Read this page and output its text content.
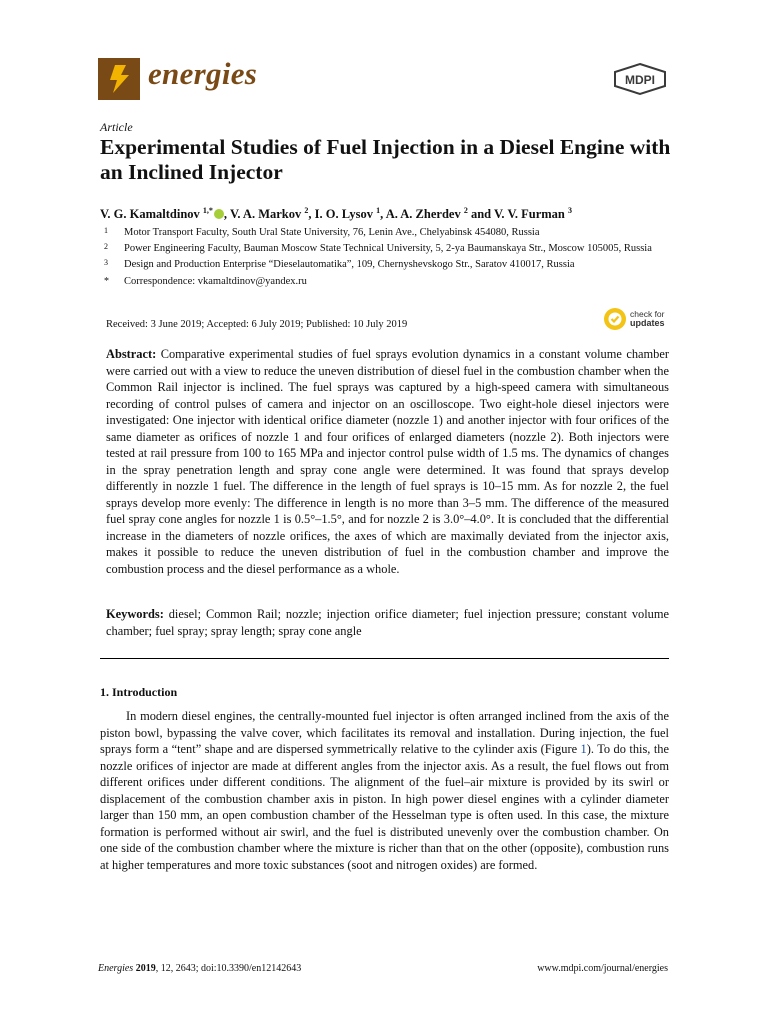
energies	MDPI
Article
Experimental Studies of Fuel Injection in a Diesel Engine with an Inclined Injector
V. G. Kamaltdinov $^{1,*}$ , V. A. Markov $^2$, I. O. Lysov $^1$, A. A. Zherdev $^2$ and V. V. Furman $^3$
1	Motor Transport Faculty, South Ural State University, 76, Lenin Ave., Chelyabinsk 454080, Russia
2	Power Engineering Faculty, Bauman Moscow State Technical University, 5, 2-ya Baumanskaya Str., Moscow 105005, Russia
3	Design and Production Enterprise “Dieselautomatika”, 109, Chernyshevskogo Str., Saratov 410017, Russia
*	Correspondence: vkamaltdinov@yandex.ru
Received: 3 June 2019; Accepted: 6 July 2019; Published: 10 July 2019
check for
updates

Abstract: Comparative experimental studies of fuel sprays evolution dynamics in a constant volume chamber were carried out with a view to reduce the uneven distribution of diesel fuel in the combustion chamber when the Common Rail injector is inclined. The fuel sprays was captured by a high-speed camera with simultaneous recording of control pulses of camera and injector on an oscilloscope. Two eight-hole diesel injectors were investigated: One injector with identical orifice diameter (nozzle 1) and another injector with four orifices of the same diameter as orifices of nozzle 1 and four orifices of enlarged diameters (nozzle 2). Both injectors were tested at rail pressure from 100 to 165 MPa and injector control pulse width of 1.5 ms. The dynamics of changes in the spray penetration length and spray cone angle were determined. It was found that sprays develop differently in nozzle 1 fuel. The difference in the length of fuel sprays is 10–15 mm. As for nozzle 2, the fuel sprays develop more evenly: The difference in length is no more than 3–5 mm. The difference of the measured fuel spray cone angles for nozzle 1 is 0.5°–1.5°, and for nozzle 2 is 3.0°–4.0°. It is concluded that the differential increase in the diameters of nozzle orifices, the axes of which are maximally deviated from the injector axis, makes it possible to reduce the uneven distribution of fuel in the combustion chamber and improve the combustion process and the diesel performance as a whole.

Keywords: diesel; Common Rail; nozzle; injection orifice diameter; fuel injection pressure; constant volume chamber; fuel spray; spray length; spray cone angle

1. Introduction

In modern diesel engines, the centrally-mounted fuel injector is often arranged inclined from the axis of the piston bowl, bypassing the valve cover, which facilitates its removal and installation. During injection, the fuel sprays form a “tent” shape and are dispersed symmetrically relative to the cylinder axis (Figure 1). To do this, the nozzle orifices of injector are made at different angles from the injector axis. As a result, the fuel flows out from different orifices under different conditions. The alignment of the fuel–air mixture is provided by its swirl or displacement of the combustion chamber axis in piston. In high power diesel engines with a cylinder diameter larger than 150 mm, an open combustion chamber of the Hesselman type is often used. In this case, the mixture formation is performed without air swirl, and the fuel is distributed unevenly over the combustion chamber. On one side of the combustion chamber where the mixture is richer than that on the other (opposite), combustion runs at higher temperatures and more toxic substances (soot and nitrogen oxides) are formed.

Energies 2019, 12, 2643; doi:10.3390/en12142643	www.mdpi.com/journal/energies
